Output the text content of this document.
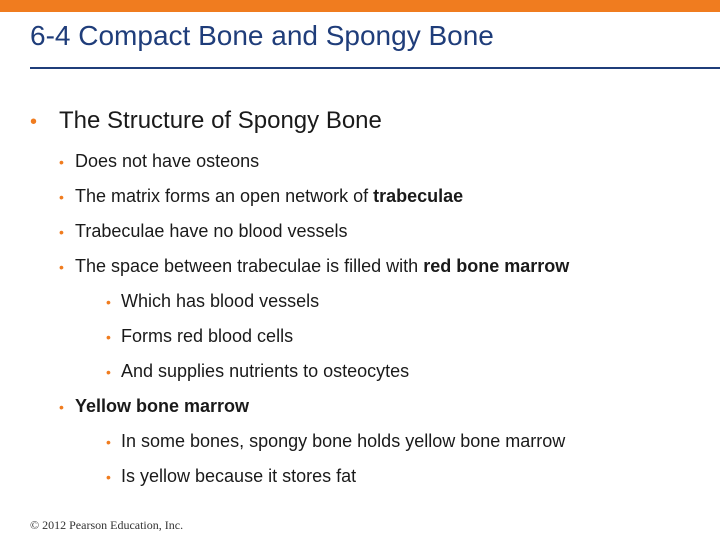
6-4 Compact Bone and Spongy Bone
• The Structure of Spongy Bone
• Does not have osteons
• The matrix forms an open network of trabeculae
• Trabeculae have no blood vessels
• The space between trabeculae is filled with red bone marrow
• Which has blood vessels
• Forms red blood cells
• And supplies nutrients to osteocytes
• Yellow bone marrow
• In some bones, spongy bone holds yellow bone marrow
• Is yellow because it stores fat
© 2012 Pearson Education, Inc.
